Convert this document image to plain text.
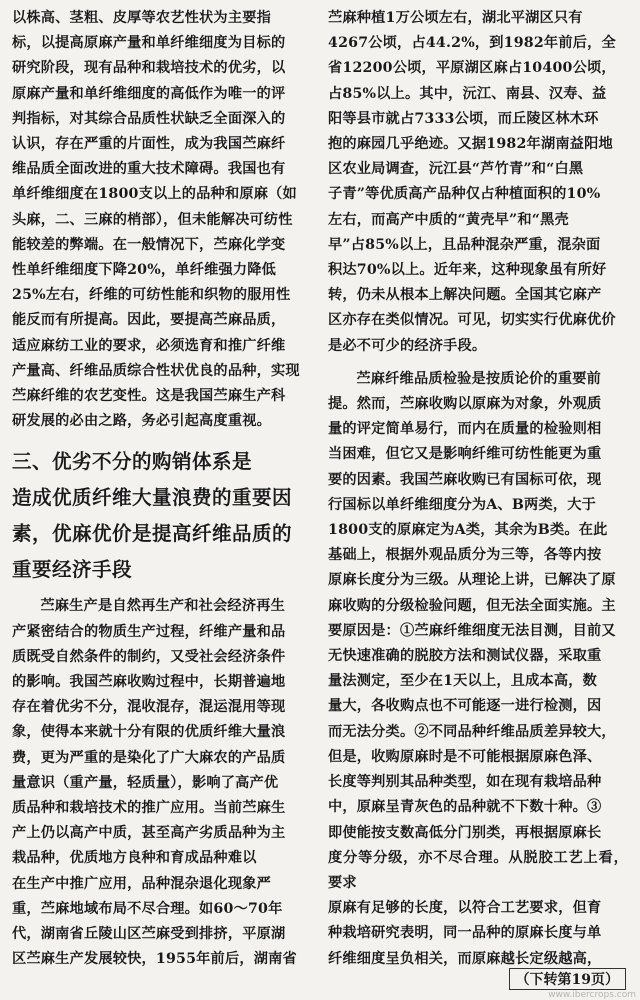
以株高、茎粗、皮厚等农艺性状为主要指
标，以提高原麻产量和单纤维细度为目标的
研究阶段，现有品种和栽培技术的优劣，以
原麻产量和单纤维细度的高低作为唯一的评
判指标，对其综合品质性状缺乏全面深入的
认识，存在严重的片面性，成为我国苎麻纤
维品质全面改进的重大技术障碍。我国也有
单纤维细度在1800支以上的品种和原麻（如
头麻，二、三麻的梢部），但未能解决可纺性
能较差的弊端。在一般情况下，苎麻化学变
性单纤维细度下降20%，单纤维强力降低
25%左右，纤维的可纺性能和织物的服用性
能反而有所提高。因此，要提高苎麻品质，
适应麻纺工业的要求，必须选育和推广纤维
产量高、纤维品质综合性状优良的品种，实现
苎麻纤维的农艺变性。这是我国苎麻生产科
研发展的必由之路，务必引起高度重视。

三、优劣不分的购销体系是
造成优质纤维大量浪费的重要因
素，优麻优价是提高纤维品质的
重要经济手段

苎麻生产是自然再生产和社会经济再生
产紧密结合的物质生产过程，纤维产量和品
质既受自然条件的制约，又受社会经济条件
的影响。我国苎麻收购过程中，长期普遍地
存在着优劣不分，混收混存，混运混用等现
象，使得本来就十分有限的优质纤维大量浪
费，更为严重的是染化了广大麻农的产品质
量意识（重产量，轻质量），影响了高产优
质品种和栽培技术的推广应用。当前苎麻生
产上仍以高产中质，甚至高产劣质品种为主
栽品种，优质地方良种和育成品种难以
在生产中推广应用，品种混杂退化现象严
重，苎麻地域布局不尽合理。如60～70年
代，湖南省丘陵山区苎麻受到排挤，平原湖
区苎麻生产发展较快，1955年前后，湖南省

苎麻种植1万公顷左右，湖北平湖区只有
4267公顷，占44.2%，到1982年前后，全
省12200公顷，平原湖区麻占10400公顷，
占85%以上。其中，沅江、南县、汉寿、益
阳等县市就占7333公顷，而丘陵区林木环
抱的麻园几乎绝迹。又据1982年湖南益阳地
区农业局调查，沅江县“芦竹青”和“白黑
子青”等优质高产品种仅占种植面积的10%
左右，而高产中质的“黄壳早”和“黑壳
早”占85%以上，且品种混杂严重，混杂面
积达70%以上。近年来，这种现象虽有所好
转，仍未从根本上解决问题。全国其它麻产
区亦存在类似情况。可见，切实实行优麻优价
是必不可少的经济手段。

苎麻纤维品质检验是按质论价的重要前
提。然而，苎麻收购以原麻为对象，外观质
量的评定简单易行，而内在质量的检验则相
当困难，但它又是影响纤维可纺性能更为重
要的因素。我国苎麻收购已有国标可依，现
行国标以单纤维细度分为A、B两类，大于
1800支的原麻定为A类，其余为B类。在此
基础上，根据外观品质分为三等，各等内按
原麻长度分为三级。从理论上讲，已解决了原
麻收购的分级检验问题，但无法全面实施。主
要原因是：①苎麻纤维细度无法目测，目前又
无快速准确的脱胶方法和测试仪器，采取重
量法测定，至少在1天以上，且成本高，数
量大，各收购点也不可能逐一进行检测，因
而无法分类。②不同品种纤维品质差异较大，
但是，收购原麻时是不可能根据原麻色泽、
长度等判别其品种类型，如在现有栽培品种
中，原麻呈青灰色的品种就不下数十种。③
即使能按支数高低分门别类，再根据原麻长
度分等分级，亦不尽合理。从脱胶工艺上看，要求
原麻有足够的长度，以符合工艺要求，但育
种栽培研究表明，同一品种的原麻长度与单
纤维细度呈负相关，而原麻越长定级越高，

（下转第19页）
www.ibercrops.com
